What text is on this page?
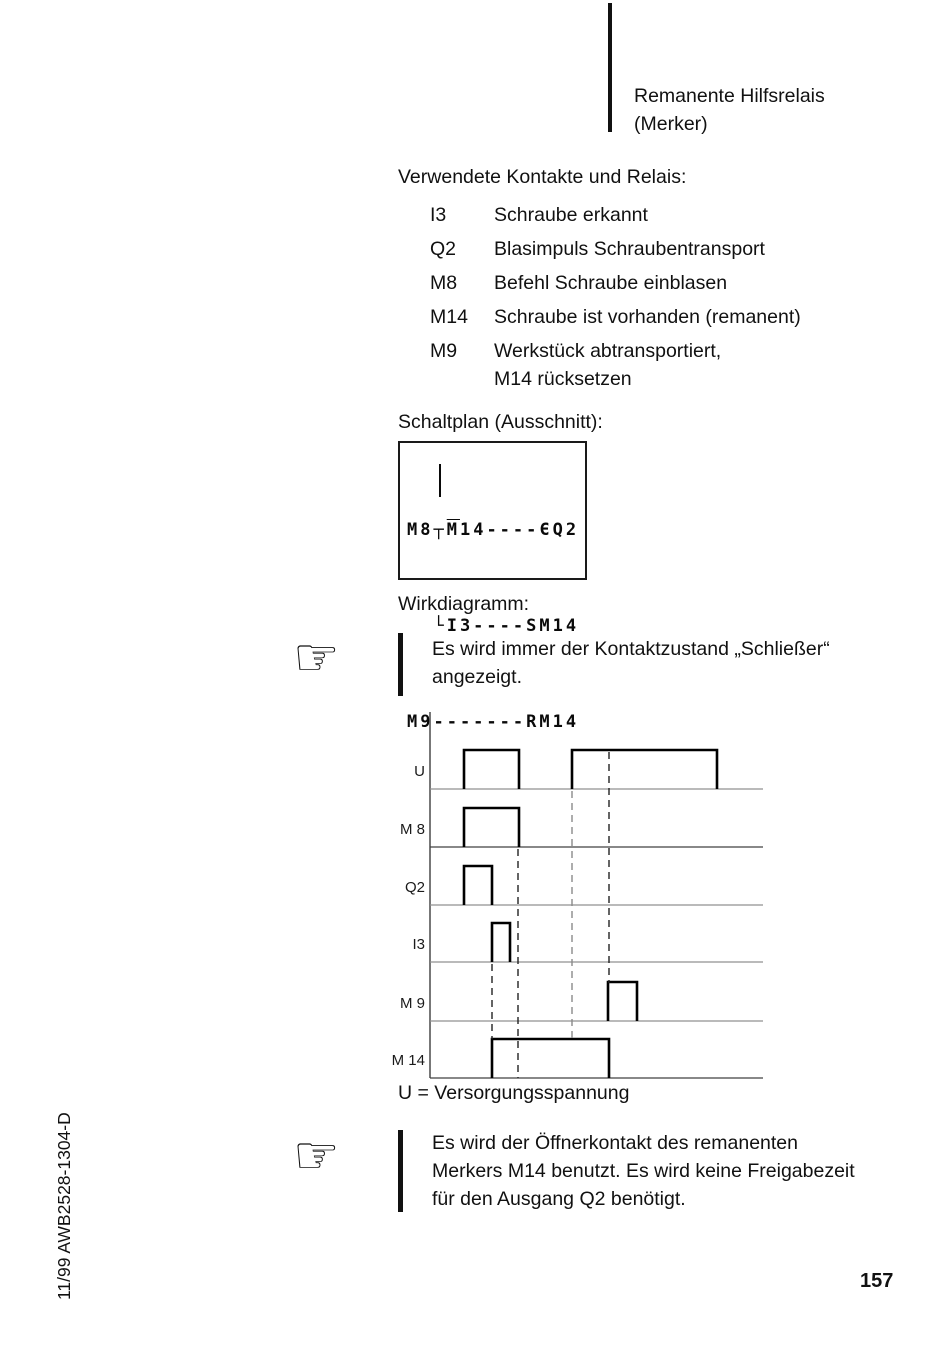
Remanente Hilfsrelais
(Merker)
Verwendete Kontakte und Relais:
I3	Schraube erkannt
Q2	Blasimpuls Schraubentransport
M8	Befehl Schraube einblasen
M14	Schraube ist vorhanden (remanent)
M9	Werkstück abtransportiert,
M14 rücksetzen
Schaltplan (Ausschnitt):

$M8┬\overline{M}14----ЄQ2$

└I3----SM14

M9-------RM14

Wirkdiagramm:
☞	Es wird immer der Kontaktzustand „Schließer“
angezeigt.
U
M 8
Q2
I3
M 9
M 14
U = Versorgungsspannung
☞	Es wird der Öffnerkontakt des remanenten
Merkers M14 benutzt. Es wird keine Freigabezeit
für den Ausgang Q2 benötigt.
11/99 AWB2528-1304-D	157
